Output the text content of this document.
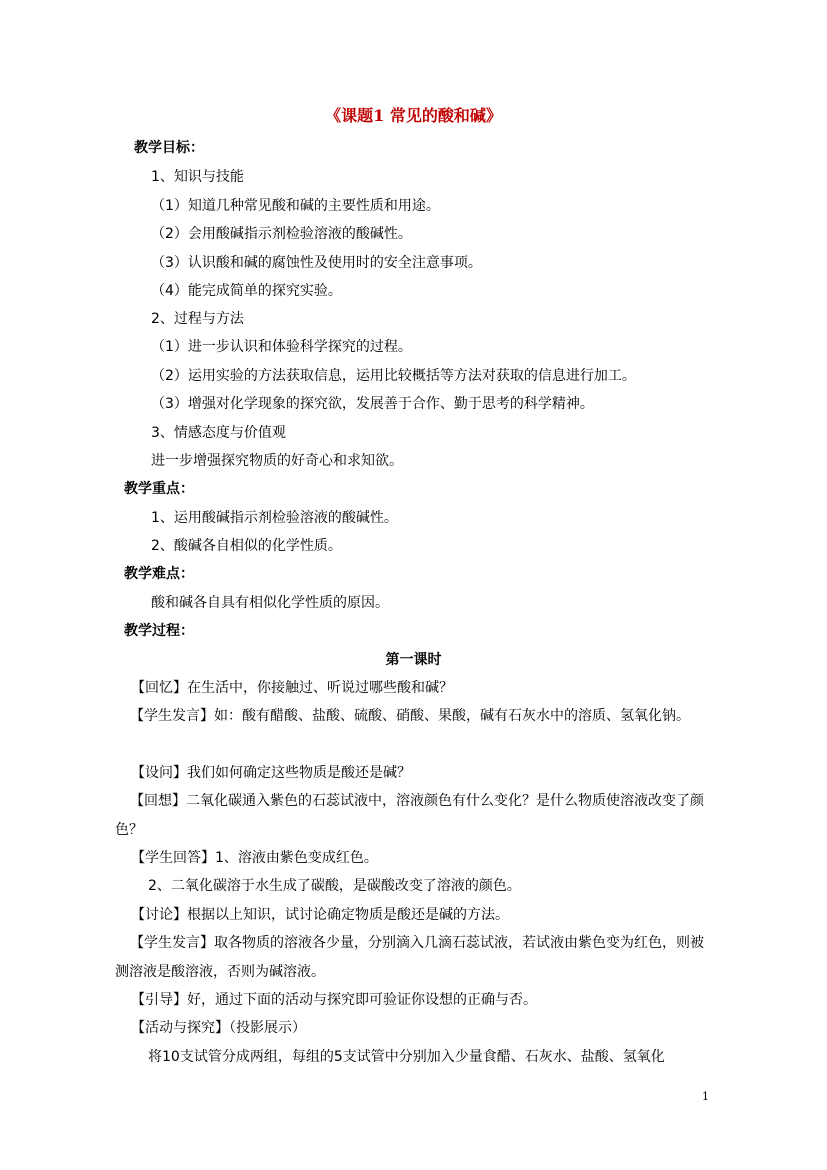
《课题1 常见的酸和碱》
教学目标：
1、知识与技能
（1）知道几种常见酸和碱的主要性质和用途。
（2）会用酸碱指示剂检验溶液的酸碱性。
（3）认识酸和碱的腐蚀性及使用时的安全注意事项。
（4）能完成简单的探究实验。
2、过程与方法
（1）进一步认识和体验科学探究的过程。
（2）运用实验的方法获取信息，运用比较概括等方法对获取的信息进行加工。
（3）增强对化学现象的探究欲，发展善于合作、勤于思考的科学精神。
3、情感态度与价值观
进一步增强探究物质的好奇心和求知欲。
教学重点：
1、运用酸碱指示剂检验溶液的酸碱性。
2、酸碱各自相似的化学性质。
教学难点：
酸和碱各自具有相似化学性质的原因。
教学过程：
第一课时
【回忆】在生活中，你接触过、听说过哪些酸和碱？
【学生发言】如：酸有醋酸、盐酸、硫酸、硝酸、果酸，碱有石灰水中的溶质、氢氧化钠。
【设问】我们如何确定这些物质是酸还是碱？
【回想】二氧化碳通入紫色的石蕊试液中，溶液颜色有什么变化？是什么物质使溶液改变了颜色？
【学生回答】1、溶液由紫色变成红色。
2、二氧化碳溶于水生成了碳酸，是碳酸改变了溶液的颜色。
【讨论】根据以上知识，试讨论确定物质是酸还是碱的方法。
【学生发言】取各物质的溶液各少量，分别滴入几滴石蕊试液，若试液由紫色变为红色，则被测溶液是酸溶液，否则为碱溶液。
【引导】好，通过下面的活动与探究即可验证你设想的正确与否。
【活动与探究】（投影展示）
将10支试管分成两组，每组的5支试管中分别加入少量食醋、石灰水、盐酸、氢氧化
1
